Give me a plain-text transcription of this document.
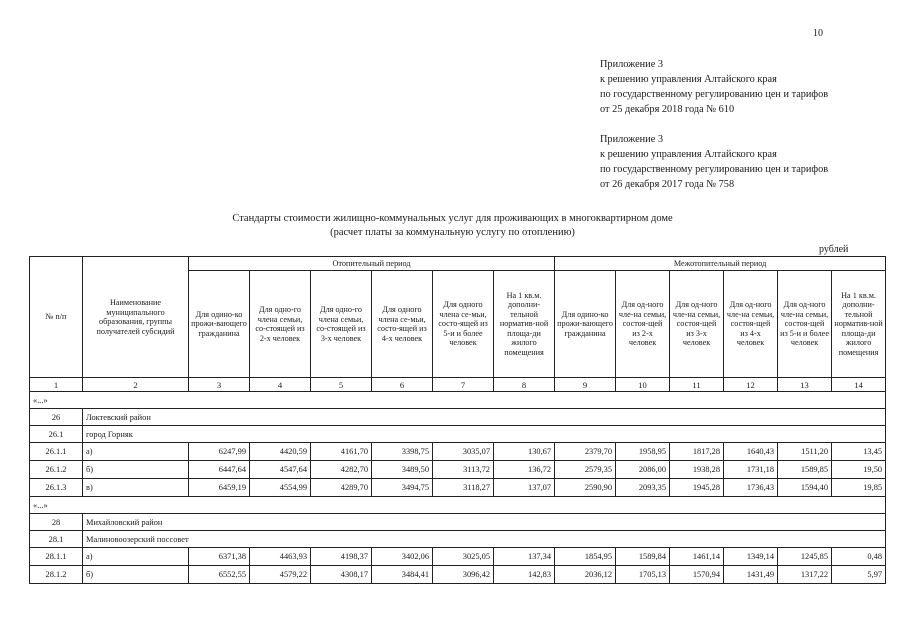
10
Приложение 3
к решению управления Алтайского края
по государственному регулированию цен и тарифов
от 25 декабря 2018 года № 610
Приложение 3
к решению управления Алтайского края
по государственному регулированию цен и тарифов
от 26 декабря 2017 года № 758
Стандарты стоимости жилищно-коммунальных услуг для проживающих в многоквартирном доме
(расчет платы за коммунальную услугу по отоплению)
рублей
№ п/п	Наименование муниципального образования, группы получателей субсидий	Отопительный период						Межотопительный период					
		Для одино-ко прожи-вающего гражданина	Для одно-го члена семьи, со-стоящей из 2-х человек	Для одно-го члена семьи, со-стоящей из 3-х человек	Для одного члена се-мьи, состо-ящей из 4-х человек	Для одного члена се-мьи, состо-ящей из 5-и и более человек	На 1 кв.м. дополни-тельной норматив-ной площа-ди жилого помещения	Для одино-ко прожи-вающего гражданина	Для од-ного чле-на семьи, состоя-щей из 2-х человек	Для од-ного чле-на семьи, состоя-щей из 3-х человек	Для од-ного чле-на семьи, состоя-щей из 4-х человек	Для од-ного чле-на семьи, состоя-щей из 5-и и более человек	На 1 кв.м. дополни-тельной норматив-ной площа-ди жилого помещения
1	2	3	4	5	6	7	8	9	10	11	12	13	14
«...»													
26	Локтевский район												
26.1	город Горняк												
26.1.1	а)	6247,99	4420,59	4161,70	3398,75	3035,07	130,67	2379,70	1958,95	1817,28	1640,43	1511,20	13,45
26.1.2	б)	6447,64	4547,64	4282,70	3489,50	3113,72	136,72	2579,35	2086,00	1938,28	1731,18	1589,85	19,50
26.1.3	в)	6459,19	4554,99	4289,70	3494,75	3118,27	137,07	2590,90	2093,35	1945,28	1736,43	1594,40	19,85
«...»													
28	Михайловский район												
28.1	Малиновоозерский поссовет												
28.1.1	а)	6371,38	4463,93	4198,37	3402,06	3025,05	137,34	1854,95	1589,84	1461,14	1349,14	1245,85	0,48
28.1.2	б)	6552,55	4579,22	4308,17	3484,41	3096,42	142,83	2036,12	1705,13	1570,94	1431,49	1317,22	5,97
